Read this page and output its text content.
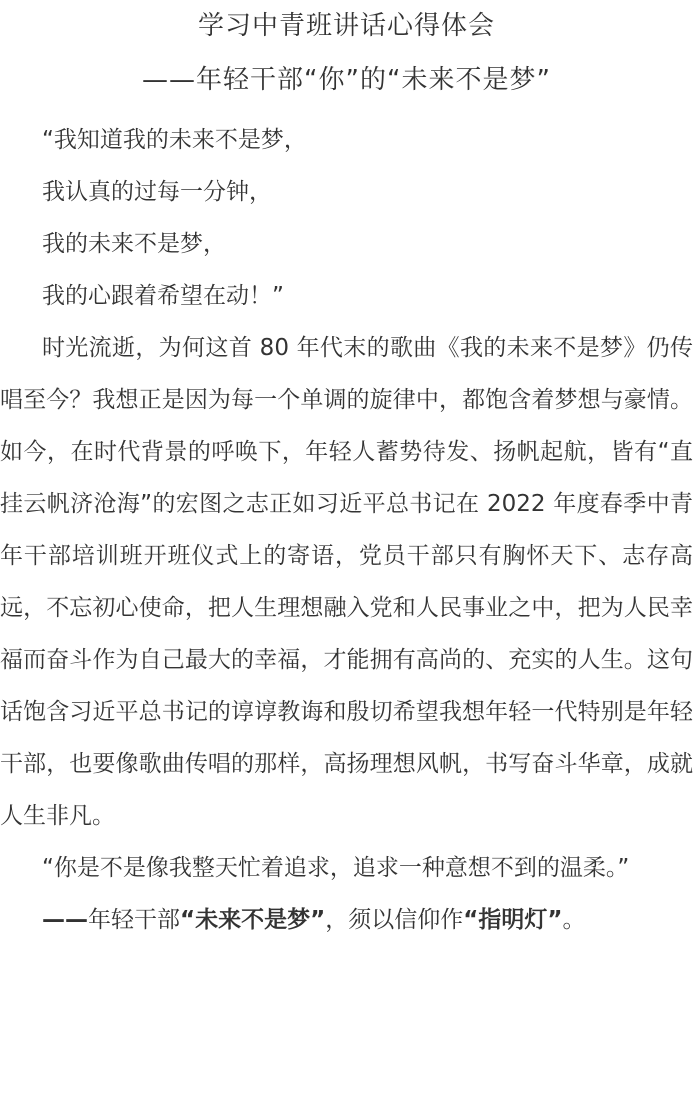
学习中青班讲话心得体会
——年轻干部“你”的“未来不是梦”

“我知道我的未来不是梦，

我认真的过每一分钟，

我的未来不是梦，

我的心跟着希望在动！”

时光流逝，为何这首 80 年代末的歌曲《我的未来不是梦》仍传唱至今？我想正是因为每一个单调的旋律中，都饱含着梦想与豪情。如今，在时代背景的呼唤下，年轻人蓄势待发、扬帆起航，皆有“直挂云帆济沧海”的宏图之志正如习近平总书记在 2022 年度春季中青年干部培训班开班仪式上的寄语，党员干部只有胸怀天下、志存高远，不忘初心使命，把人生理想融入党和人民事业之中，把为人民幸福而奋斗作为自己最大的幸福，才能拥有高尚的、充实的人生。这句话饱含习近平总书记的谆谆教诲和殷切希望我想年轻一代特别是年轻干部，也要像歌曲传唱的那样，高扬理想风帆，书写奋斗华章，成就人生非凡。

“你是不是像我整天忙着追求，追求一种意想不到的温柔。”

——年轻干部“未来不是梦”，须以信仰作“指明灯”。
